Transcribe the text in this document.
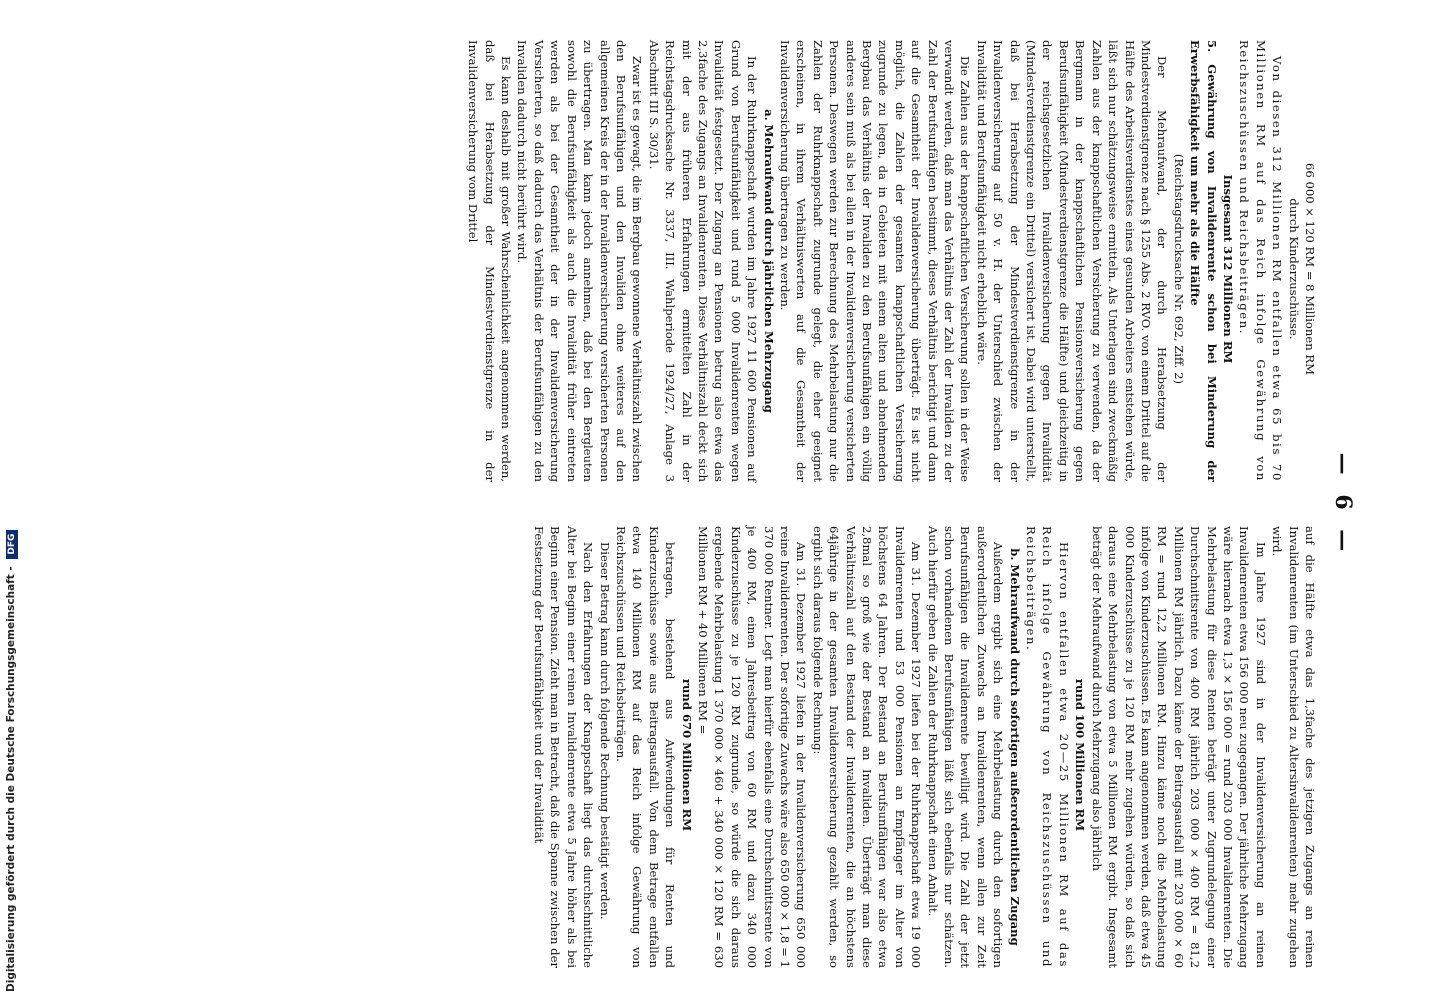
— 6 —

66 000 × 120 RM = 8 Millionen RM

durch Kinderzuschüsse.

Von diesen 312 Millionen RM entfallen etwa 65 bis 70 Millionen RM auf das Reich infolge Gewährung von Reichszuschüssen und Reichsbeiträgen.

Insgesamt 312 Millionen RM

5. Gewährung von Invalidenrente schon bei Minderung der Erwerbsfähigkeit um mehr als die Hälfte

(Reichstagsdrucksache Nr. 692, Ziff. 2)

Der Mehraufwand, der durch Herabsetzung der Mindestverdienstgrenze nach § 1255 Abs. 2 RVO. von einem Drittel auf die Hälfte des Arbeitsverdienstes eines gesunden Arbeiters entstehen würde, läßt sich nur schätzungsweise ermitteln. Als Unterlagen sind zweckmäßig Zahlen aus der knappschaftlichen Versicherung zu verwenden, da der Bergmann in der knappschaftlichen Pensionsversicherung gegen Berufsunfähigkeit (Mindestverdienstgrenze die Hälfte) und gleichzeitig in der reichsgesetzlichen Invalidenversicherung gegen Invalidität (Mindestverdienstgrenze ein Drittel) versichert ist. Dabei wird unterstellt, daß bei Herabsetzung der Mindestverdienstgrenze in der Invalidenversicherung auf 50 v. H. der Unterschied zwischen der Invalidität und Berufsunfähigkeit nicht erheblich wäre.

Die Zahlen aus der knappschaftlichen Versicherung sollen in der Weise verwandt werden, daß man das Verhältnis der Zahl der Invaliden zu der Zahl der Berufsunfähigen bestimmt, dieses Verhältnis berichtigt und dann auf die Gesamtheit der Invalidenversicherung überträgt. Es ist nicht möglich, die Zahlen der gesamten knappschaftlichen Versicherung zugrunde zu legen, da in Gebieten mit einem alten und abnehmenden Bergbau das Verhältnis der Invaliden zu den Berufsunfähigen ein völlig anderes sein muß als bei allen in der Invalidenversicherung versicherten Personen. Deswegen werden zur Berechnung des Mehrbelastung nur die Zahlen der Ruhrknappschaft zugrunde gelegt, die eher geeignet erscheinen, in ihrem Verhältniswerten auf die Gesamtheit der Invalidenversicherung übertragen zu werden.

a. Mehraufwand durch jährlichen Mehrzugang

In der Ruhrknappschaft wurden im Jahre 1927 11 600 Pensionen auf Grund von Berufsunfähigkeit und rund 5 000 Invalidenrenten wegen Invalidität festgesetzt. Der Zugang an Pensionen betrug also etwa das 2,3fache des Zugangs an Invalidenrenten. Diese Verhältniszahl deckt sich mit der aus früheren Erfahrungen ermittelten Zahl in der Reichstagsdrucksache Nr. 3337, III. Wahlperiode 1924/27, Anlage 3 Abschnitt III S. 30/31.

Zwar ist es gewagt, die im Bergbau gewonnene Verhältniszahl zwischen den Berufsunfähigen und den Invaliden ohne weiteres auf den allgemeinen Kreis der in der Invalidenversicherung versicherten Personen zu übertragen. Man kann jedoch annehmen, daß bei den Bergleuten sowohl die Berufsunfähigkeit als auch die Invalidität früher eintreten werden als bei der Gesamtheit der in der Invalidenversicherung Versicherten, so daß dadurch das Verhältnis der Berufsunfähigen zu den Invaliden dadurch nicht berührt wird.

Es kann deshalb mit großer Wahrscheinlichkeit angenommen werden, daß bei Herabsetzung der Mindestverdienstgrenze in der Invalidenversicherung vom Drittel

auf die Hälfte etwa das 1,3fache des jetzigen Zugangs an reinen Invalidenrenten (im Unterschied zu Altersinvalidenrenten) mehr zugehen wird.

Im Jahre 1927 sind in der Invalidenversicherung an reinen Invalidenrenten etwa 156 000 neu zugegangen. Der jährliche Mehrzugang wäre hiernach etwa 1,3 × 156 000 = rund 203 000 Invalidenrenten. Die Mehrbelastung für diese Renten beträgt unter Zugrundelegung einer Durchschnittsrente von 400 RM jährlich 203 000 × 400 RM = 81,2 Millionen RM jährlich. Dazu käme der Beitragsausfall mit 203 000 × 60 RM = rund 12,2 Millionen RM. Hinzu käme noch die Mehrbelastung infolge von Kinderzuschüssen. Es kann angenommen werden, daß etwa 45 000 Kinderzuschüsse zu je 120 RM mehr zugehen würden, so daß sich daraus eine Mehrbelastung von etwa 5 Millionen RM ergibt. Insgesamt beträgt der Mehraufwand durch Mehrzugang also jährlich

rund 100 Millionen RM

Hiervon entfallen etwa 20—25 Millionen RM auf das Reich infolge Gewährung von Reichszuschüssen und Reichsbeiträgen.

b. Mehraufwand durch sofortigen außerordentlichen Zugang

Außerdem ergibt sich eine Mehrbelastung durch den sofortigen außerordentlichen Zuwachs an Invalidenrenten, wenn allen zur Zeit Berufsunfähigen die Invalidenrente bewilligt wird. Die Zahl der jetzt schon vorhandenen Berufsunfähigen läßt sich ebenfalls nur schätzen. Auch hierfür geben die Zahlen der Ruhrknappschaft einen Anhalt.

Am 31. Dezember 1927 liefen bei der Ruhrknappschaft etwa 19 000 Invalidenrenten und 53 000 Pensionen an Empfänger im Alter von höchstens 64 Jahren. Der Bestand an Berufsunfähigen war also etwa 2,8mal so groß wie der Bestand an Invaliden. Überträgt man diese Verhältniszahl auf den Bestand der Invalidenrenten, die an höchstens 64jährige in der gesamten Invalidenversicherung gezahlt werden, so ergibt sich daraus folgende Rechnung:

Am 31. Dezember 1927 liefen in der Invalidenversicherung 650 000 reine Invalidenrenten. Der sofortige Zuwachs wäre also 650 000 × 1,8 = 1 370 000 Rentner. Legt man hierfür ebenfalls eine Durchschnittsrente von je 400 RM, einen Jahresbeitrag von 60 RM und dazu 340 000 Kinderzuschüsse zu je 120 RM zugrunde, so würde die sich daraus ergebende Mehrbelastung 1 370 000 × 460 + 340 000 × 120 RM = 630 Millionen RM + 40 Millionen RM =

rund 670 Millionen RM

betragen, bestehend aus Aufwendungen für Renten und Kinderzuschüsse sowie aus Beitragsausfall. Von dem Betrage entfallen etwa 140 Millionen RM auf das Reich infolge Gewährung von Reichszuschüssen und Reichsbeiträgen.

Dieser Betrag kann durch folgende Rechnung bestätigt werden.

Nach den Erfahrungen der Knappschaft liegt das durchschnittliche Alter bei Beginn einer reinen Invalidenrente etwa 5 Jahre höher als bei Beginn einer Pension. Zieht man in Betracht, daß die Spanne zwischen der Festsetzung der Berufsunfähigkeit und der Invalidität

Digitalisierung gefördert durch die Deutsche Forschungsgemeinschaft - DFG
